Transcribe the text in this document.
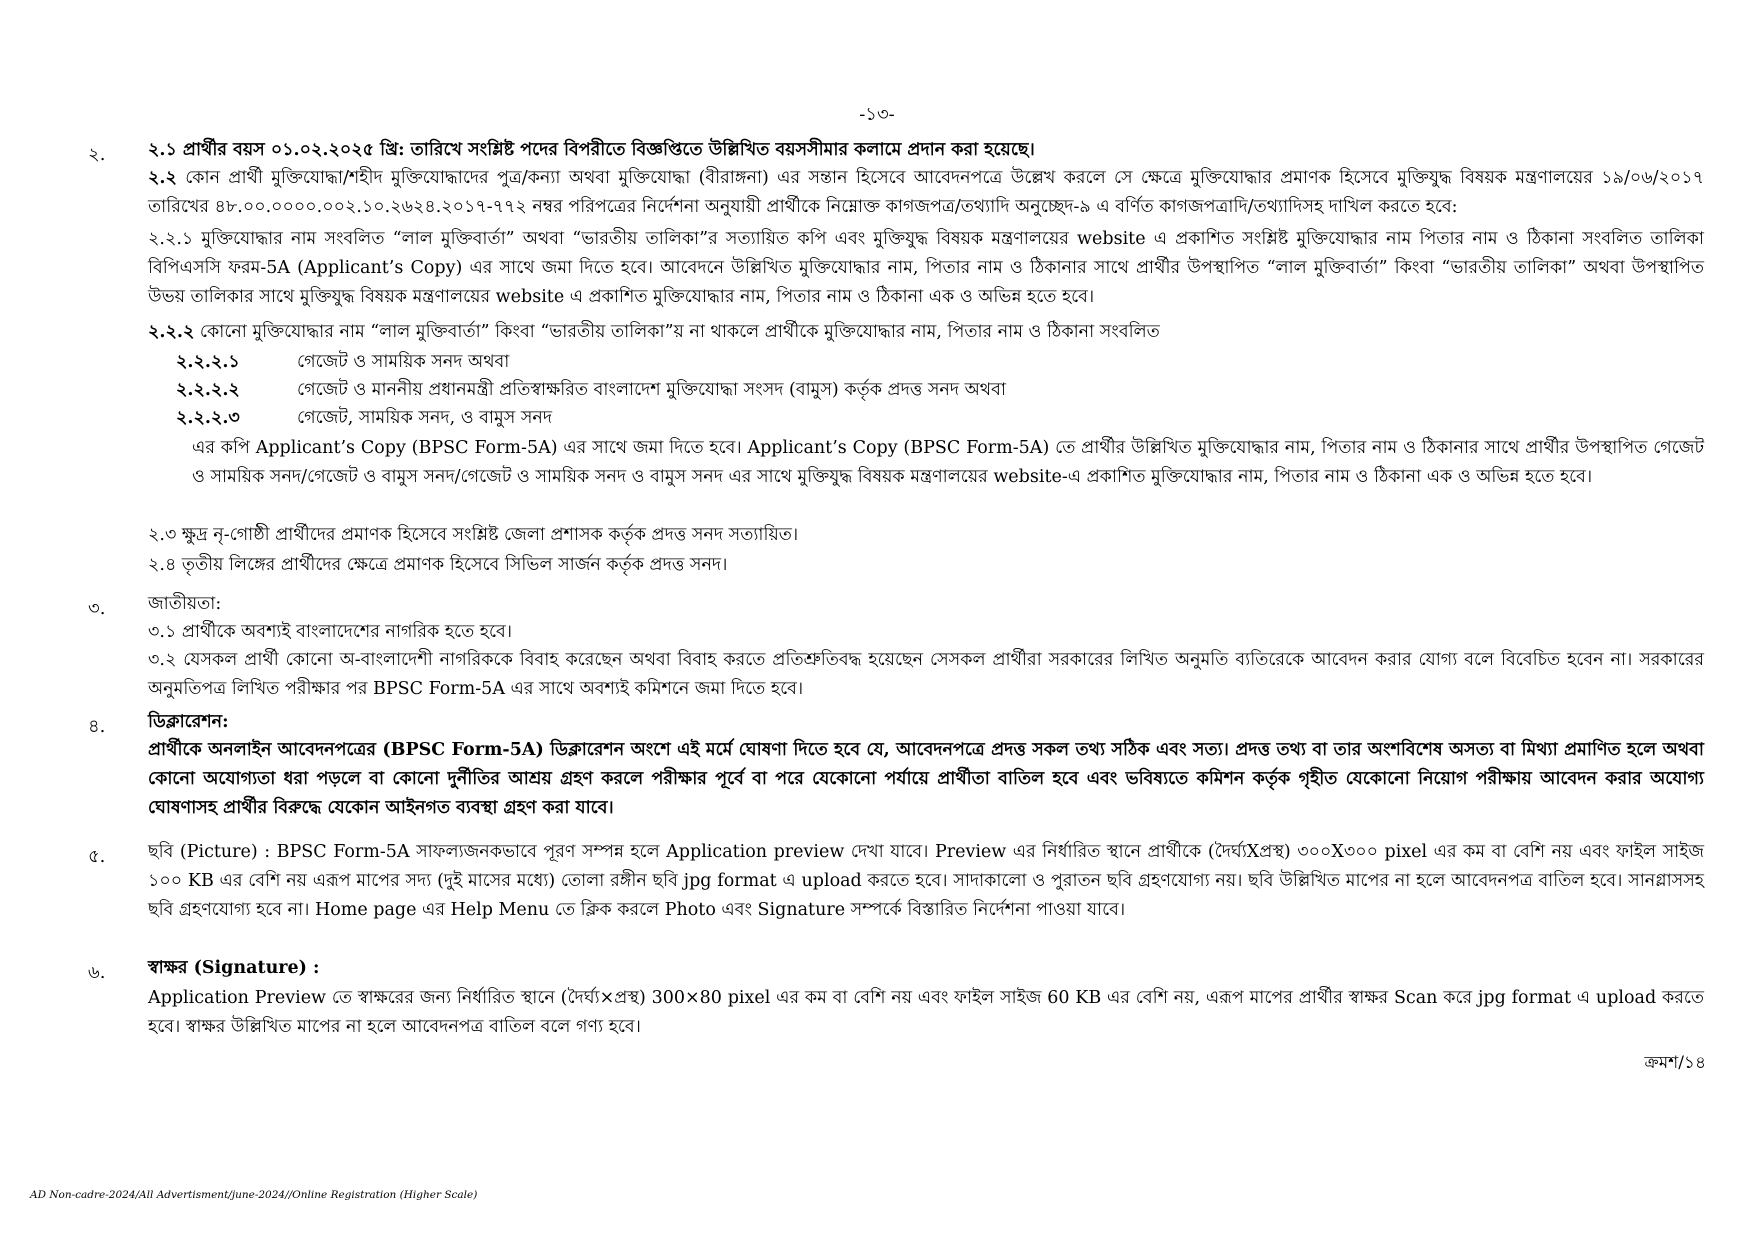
-১৩-
২. ২.১ প্রার্থীর বয়স ০১.০২.২০২৫ খ্রি: তারিখে সংশ্লিষ্ট পদের বিপরীতে বিজ্ঞপ্তিতে উল্লিখিত বয়সসীমার কলামে প্রদান করা হয়েছে।
২.২ কোন প্রার্থী মুক্তিযোদ্ধা/শহীদ মুক্তিযোদ্ধাদের পুত্র/কন্যা অথবা মুক্তিযোদ্ধা (বীরাঙ্গনা) এর সন্তান হিসেবে আবেদনপত্রে উল্লেখ করলে সে ক্ষেত্রে মুক্তিযোদ্ধার প্রমাণক হিসেবে মুক্তিযুদ্ধ বিষয়ক মন্ত্রণালয়ের ১৯/০৬/২০১৭ তারিখের ৪৮.০০.০০০০.০০২.১০.২৬২৪.২০১৭-৭৭২ নম্বর পরিপত্রের নির্দেশনা অনুযায়ী প্রার্থীকে নিম্নোক্ত কাগজপত্র/তথ্যাদি অনুচ্ছেদ-৯ এ বর্ণিত কাগজপত্রাদি/তথ্যাদিসহ দাখিল করতে হবে:
২.২.১ মুক্তিযোদ্ধার নাম সংবলিত “লাল মুক্তিবার্তা” অথবা “ভারতীয় তালিকা”র সত্যায়িত কপি এবং মুক্তিযুদ্ধ বিষয়ক মন্ত্রণালয়ের website এ প্রকাশিত সংশ্লিষ্ট মুক্তিযোদ্ধার নাম পিতার নাম ও ঠিকানা সংবলিত তালিকা বিপিএসসি ফরম-5A (Applicant’s Copy) এর সাথে জমা দিতে হবে। আবেদনে উল্লিখিত মুক্তিযোদ্ধার নাম, পিতার নাম ও ঠিকানার সাথে প্রার্থীর উপস্থাপিত “লাল মুক্তিবার্তা” কিংবা “ভারতীয় তালিকা” অথবা উপস্থাপিত উভয় তালিকার সাথে মুক্তিযুদ্ধ বিষয়ক মন্ত্রণালয়ের website এ প্রকাশিত মুক্তিযোদ্ধার নাম, পিতার নাম ও ঠিকানা এক ও অভিন্ন হতে হবে।
২.২.২ কোনো মুক্তিযোদ্ধার নাম “লাল মুক্তিবার্তা” কিংবা “ভারতীয় তালিকা”য় না থাকলে প্রার্থীকে মুক্তিযোদ্ধার নাম, পিতার নাম ও ঠিকানা সংবলিত
২.২.২.১	গেজেট ও সাময়িক সনদ অথবা
২.২.২.২	গেজেট ও মাননীয় প্রধানমন্ত্রী প্রতিস্বাক্ষরিত বাংলাদেশ মুক্তিযোদ্ধা সংসদ (বামুস) কর্তৃক প্রদত্ত সনদ অথবা
২.২.২.৩	গেজেট, সাময়িক সনদ, ও বামুস সনদ
এর কপি Applicant’s Copy (BPSC Form-5A) এর সাথে জমা দিতে হবে। Applicant’s Copy (BPSC Form-5A) তে প্রার্থীর উল্লিখিত মুক্তিযোদ্ধার নাম, পিতার নাম ও ঠিকানার সাথে প্রার্থীর উপস্থাপিত গেজেট ও সাময়িক সনদ/গেজেট ও বামুস সনদ/গেজেট ও সাময়িক সনদ ও বামুস সনদ এর সাথে মুক্তিযুদ্ধ বিষয়ক মন্ত্রণালয়ের website-এ প্রকাশিত মুক্তিযোদ্ধার নাম, পিতার নাম ও ঠিকানা এক ও অভিন্ন হতে হবে।
২.৩ ক্ষুদ্র নৃ-গোষ্ঠী প্রার্থীদের প্রমাণক হিসেবে সংশ্লিষ্ট জেলা প্রশাসক কর্তৃক প্রদত্ত সনদ সত্যায়িত।
২.৪ তৃতীয় লিঙ্গের প্রার্থীদের ক্ষেত্রে প্রমাণক হিসেবে সিভিল সার্জন কর্তৃক প্রদত্ত সনদ।
৩. জাতীয়তা:
৩.১ প্রার্থীকে অবশ্যই বাংলাদেশের নাগরিক হতে হবে।
৩.২ যেসকল প্রার্থী কোনো অ-বাংলাদেশী নাগরিককে বিবাহ করেছেন অথবা বিবাহ করতে প্রতিশ্রুতিবদ্ধ হয়েছেন সেসকল প্রার্থীরা সরকারের লিখিত অনুমতি ব্যতিরেকে আবেদন করার যোগ্য বলে বিবেচিত হবেন না। সরকারের অনুমতিপত্র লিখিত পরীক্ষার পর BPSC Form-5A এর সাথে অবশ্যই কমিশনে জমা দিতে হবে।
৪. ডিক্লারেশন:
প্রার্থীকে অনলাইন আবেদনপত্রের (BPSC Form-5A) ডিক্লারেশন অংশে এই মর্মে ঘোষণা দিতে হবে যে, আবেদনপত্রে প্রদত্ত সকল তথ্য সঠিক এবং সত্য। প্রদত্ত তথ্য বা তার অংশবিশেষ অসত্য বা মিথ্যা প্রমাণিত হলে অথবা কোনো অযোগ্যতা ধরা পড়লে বা কোনো দুর্নীতির আশ্রয় গ্রহণ করলে পরীক্ষার পূর্বে বা পরে যেকোনো পর্যায়ে প্রার্থীতা বাতিল হবে এবং ভবিষ্যতে কমিশন কর্তৃক গৃহীত যেকোনো নিয়োগ পরীক্ষায় আবেদন করার অযোগ্য ঘোষণাসহ প্রার্থীর বিরুদ্ধে যেকোন আইনগত ব্যবস্থা গ্রহণ করা যাবে।
৫. ছবি (Picture) : BPSC Form-5A সাফল্যজনকভাবে পূরণ সম্পন্ন হলে Application preview দেখা যাবে। Preview এর নির্ধারিত স্থানে প্রার্থীকে (দৈর্ঘ্যXপ্রস্থ) ৩০০X৩০০ pixel এর কম বা বেশি নয় এবং ফাইল সাইজ ১০০ KB এর বেশি নয় এরূপ মাপের সদ্য (দুই মাসের মধ্যে) তোলা রঙ্গীন ছবি jpg format এ upload করতে হবে। সাদাকালো ও পুরাতন ছবি গ্রহণযোগ্য নয়। ছবি উল্লিখিত মাপের না হলে আবেদনপত্র বাতিল হবে। সানগ্লাসসহ ছবি গ্রহণযোগ্য হবে না। Home page এর Help Menu তে ক্লিক করলে Photo এবং Signature সম্পর্কে বিস্তারিত নির্দেশনা পাওয়া যাবে।
৬. স্বাক্ষর (Signature) :
Application Preview তে স্বাক্ষরের জন্য নির্ধারিত স্থানে (দৈর্ঘ্য×প্রস্থ) 300×80 pixel এর কম বা বেশি নয় এবং ফাইল সাইজ 60 KB এর বেশি নয়, এরূপ মাপের প্রার্থীর স্বাক্ষর Scan করে jpg format এ upload করতে হবে। স্বাক্ষর উল্লিখিত মাপের না হলে আবেদনপত্র বাতিল বলে গণ্য হবে।
ক্রমশ/১৪
AD Non-cadre-2024/All Advertisment/june-2024//Online Registration (Higher Scale)
